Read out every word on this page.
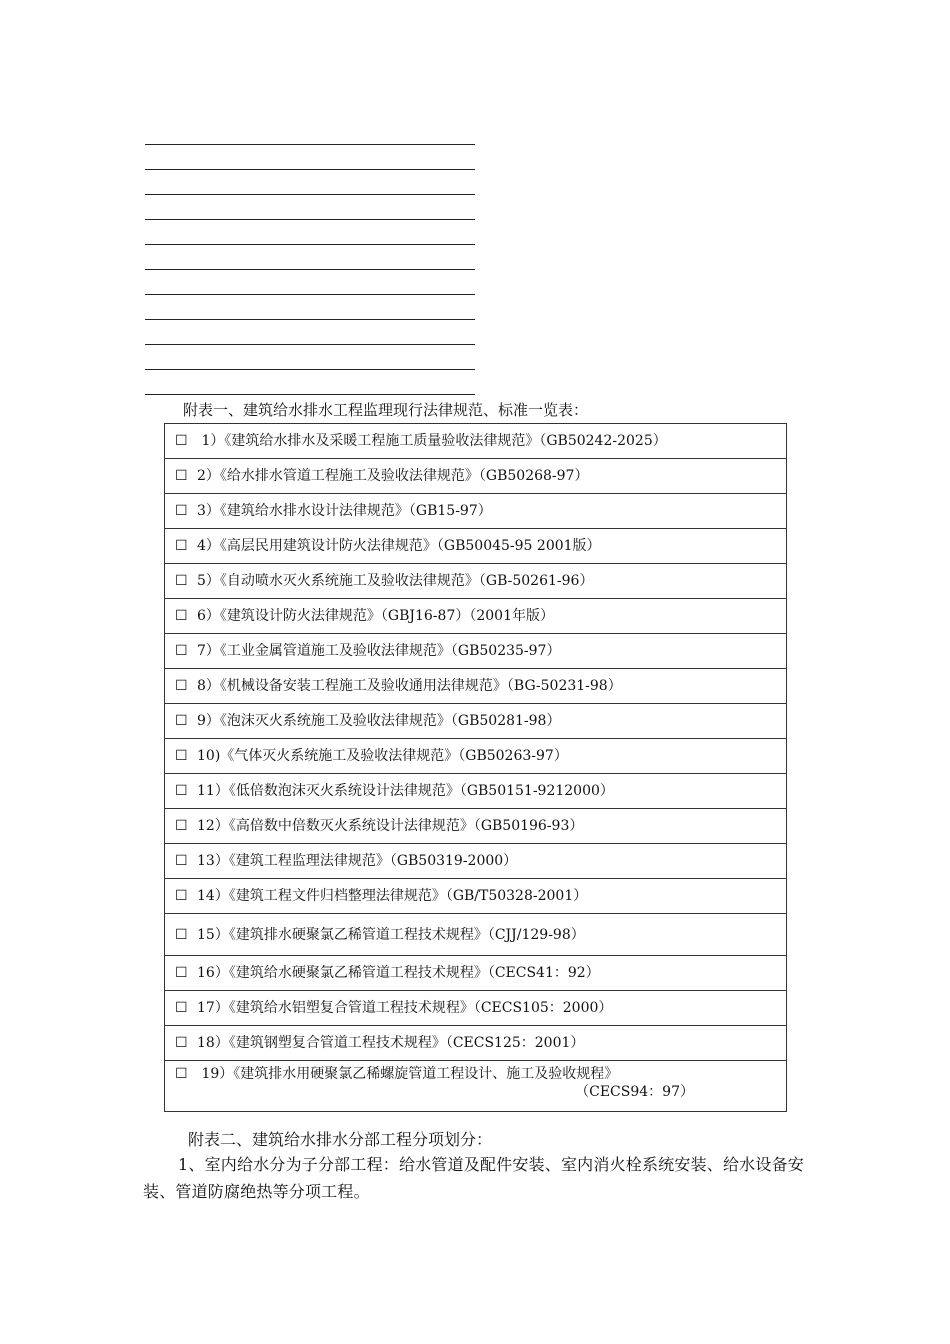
附表一、建筑给水排水工程监理现行法律规范、标准一览表：
☐ 1）《建筑给水排水及采暖工程施工质量验收法律规范》（GB50242-2025）
☐ 2）《给水排水管道工程施工及验收法律规范》（GB50268-97）
☐ 3）《建筑给水排水设计法律规范》（GB15-97）
☐ 4）《高层民用建筑设计防火法律规范》（GB50045-95 2001版）
☐ 5）《自动喷水灭火系统施工及验收法律规范》（GB-50261-96）
☐ 6）《建筑设计防火法律规范》（GBJ16-87）（2001年版）
☐ 7）《工业金属管道施工及验收法律规范》（GB50235-97）
☐ 8）《机械设备安装工程施工及验收通用法律规范》（BG-50231-98）
☐ 9）《泡沫灭火系统施工及验收法律规范》（GB50281-98）
☐ 10)《气体灭火系统施工及验收法律规范》（GB50263-97）
☐ 11）《低倍数泡沫灭火系统设计法律规范》（GB50151-9212000）
☐ 12）《高倍数中倍数灭火系统设计法律规范》（GB50196-93）
☐ 13）《建筑工程监理法律规范》（GB50319-2000）
☐ 14）《建筑工程文件归档整理法律规范》（GB/T50328-2001）
☐ 15）《建筑排水硬聚氯乙稀管道工程技术规程》（CJJ/129-98）
☐ 16）《建筑给水硬聚氯乙稀管道工程技术规程》（CECS41：92）
☐ 17）《建筑给水铝塑复合管道工程技术规程》（CECS105：2000）
☐ 18）《建筑钢塑复合管道工程技术规程》（CECS125：2001）
☐ 19）《建筑排水用硬聚氯乙稀螺旋管道工程设计、施工及验收规程》
（CECS94：97）
附表二、建筑给水排水分部工程分项划分：

1、室内给水分为子分部工程：给水管道及配件安装、室内消火栓系统安装、给水设备安装、管道防腐绝热等分项工程。
